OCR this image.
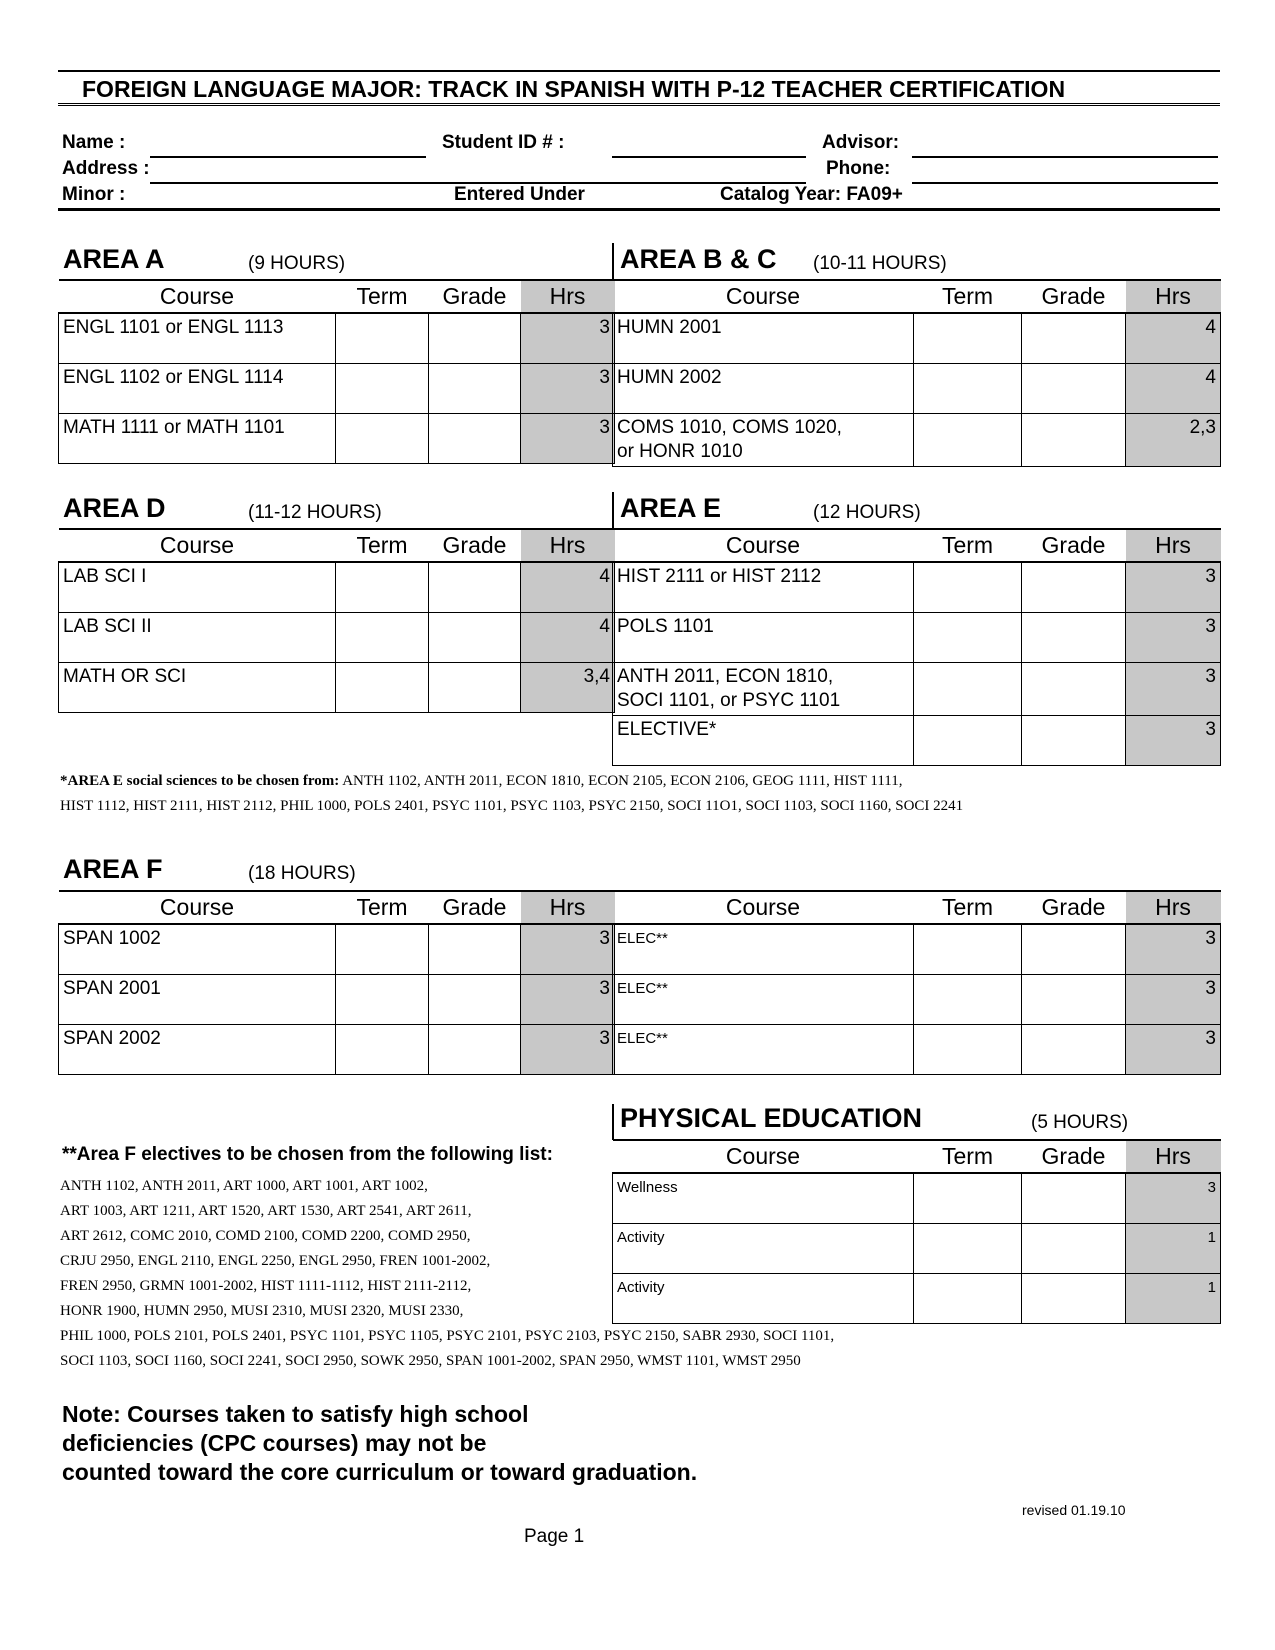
FOREIGN LANGUAGE MAJOR: TRACK IN SPANISH WITH P-12 TEACHER CERTIFICATION
Name :	Student ID # :	Advisor:
Address :	Phone:
Minor :	Entered Under	Catalog Year: FA09+
AREA A	(9 HOURS)	AREA B & C (10-11 HOURS)
Course	Term	Grade	Hrs
ENGL 1101 or ENGL 1113			3
ENGL 1102 or ENGL 1114			3
MATH 1111 or MATH 1101			3
Course	Term	Grade	Hrs
HUMN 2001			4
HUMN 2002			4
COMS 1010, COMS 1020,
or HONR 1010			2,3
AREA D	(11-12 HOURS)	AREA E	(12 HOURS)
Course	Term	Grade	Hrs
LAB SCI I			4
LAB SCI II			4
MATH OR SCI			3,4
Course	Term	Grade	Hrs
HIST 2111 or HIST 2112			3
POLS 1101			3
ANTH 2011, ECON 1810,
SOCI 1101, or PSYC 1101			3
ELECTIVE*			3
*AREA E social sciences to be chosen from: ANTH 1102, ANTH 2011, ECON 1810, ECON 2105, ECON 2106, GEOG 1111, HIST 1111,
HIST 1112, HIST 2111, HIST 2112, PHIL 1000, POLS 2401, PSYC 1101, PSYC 1103, PSYC 2150, SOCI 11O1, SOCI 1103, SOCI 1160, SOCI 2241
AREA F	(18 HOURS)
Course	Term	Grade	Hrs
SPAN 1002			3
SPAN 2001			3
SPAN 2002			3
Course	Term	Grade	Hrs
ELEC**			3
ELEC**			3
ELEC**			3
PHYSICAL EDUCATION	(5 HOURS)
Course	Term	Grade	Hrs
Wellness			3
Activity			1
Activity			1
**Area F electives to be chosen from the following list:
ANTH 1102, ANTH 2011, ART 1000, ART 1001, ART 1002,
ART 1003, ART 1211, ART 1520, ART 1530, ART 2541, ART 2611,
ART 2612, COMC 2010, COMD 2100, COMD 2200, COMD 2950,
CRJU 2950, ENGL 2110, ENGL 2250, ENGL 2950, FREN 1001-2002,
FREN 2950, GRMN 1001-2002, HIST 1111-1112, HIST 2111-2112,
HONR 1900, HUMN 2950, MUSI 2310, MUSI 2320, MUSI 2330,
PHIL 1000, POLS 2101, POLS 2401, PSYC 1101, PSYC 1105, PSYC 2101, PSYC 2103, PSYC 2150, SABR 2930, SOCI 1101,
SOCI 1103, SOCI 1160, SOCI 2241, SOCI 2950, SOWK 2950, SPAN 1001-2002, SPAN 2950, WMST 1101, WMST 2950
Note: Courses taken to satisfy high school
deficiencies (CPC courses) may not be
counted toward the core curriculum or toward graduation.
revised 01.19.10
Page 1
